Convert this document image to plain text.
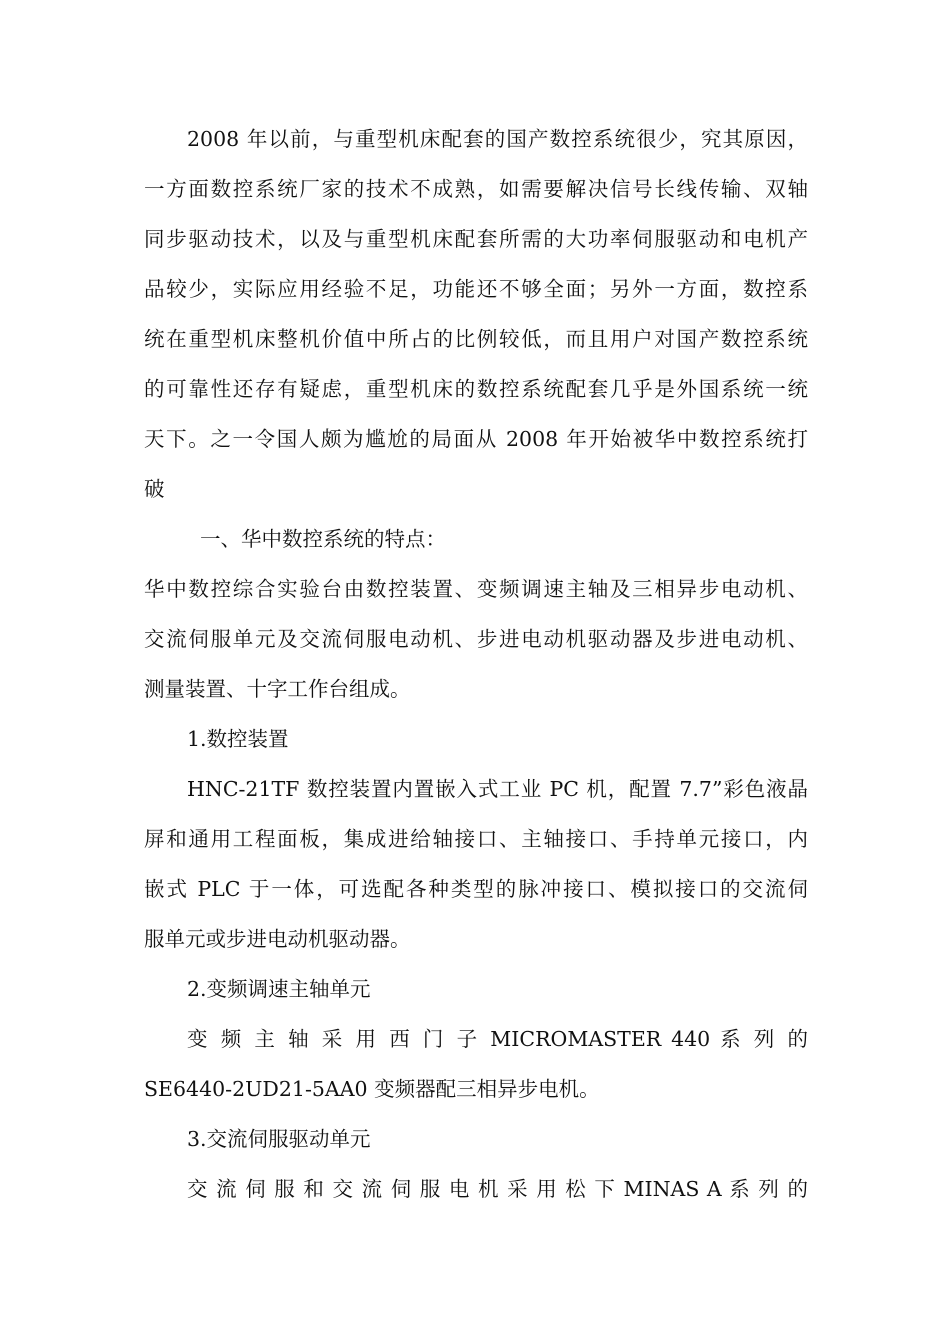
2008 年以前，与重型机床配套的国产数控系统很少，究其原因，
一方面数控系统厂家的技术不成熟，如需要解决信号长线传输、双轴
同步驱动技术，以及与重型机床配套所需的大功率伺服驱动和电机产
品较少，实际应用经验不足，功能还不够全面；另外一方面，数控系
统在重型机床整机价值中所占的比例较低，而且用户对国产数控系统
的可靠性还存有疑虑，重型机床的数控系统配套几乎是外国系统一统
天下。之一令国人颇为尴尬的局面从 2008 年开始被华中数控系统打
破
一、华中数控系统的特点：
华中数控综合实验台由数控装置、变频调速主轴及三相异步电动机、
交流伺服单元及交流伺服电动机、步进电动机驱动器及步进电动机、
测量装置、十字工作台组成。
1.数控装置
HNC-21TF 数控装置内置嵌入式工业 PC 机，配置 7.7”彩色液晶
屏和通用工程面板，集成进给轴接口、主轴接口、手持单元接口，内
嵌式 PLC 于一体，可选配各种类型的脉冲接口、模拟接口的交流伺
服单元或步进电动机驱动器。
2.变频调速主轴单元
变 频 主 轴 采 用 西 门 子 MICROMASTER 440 系 列 的
SE6440-2UD21-5AA0 变频器配三相异步电机。
3.交流伺服驱动单元
交 流 伺 服 和 交 流 伺 服 电 机 采 用 松 下 MINAS A 系 列 的
